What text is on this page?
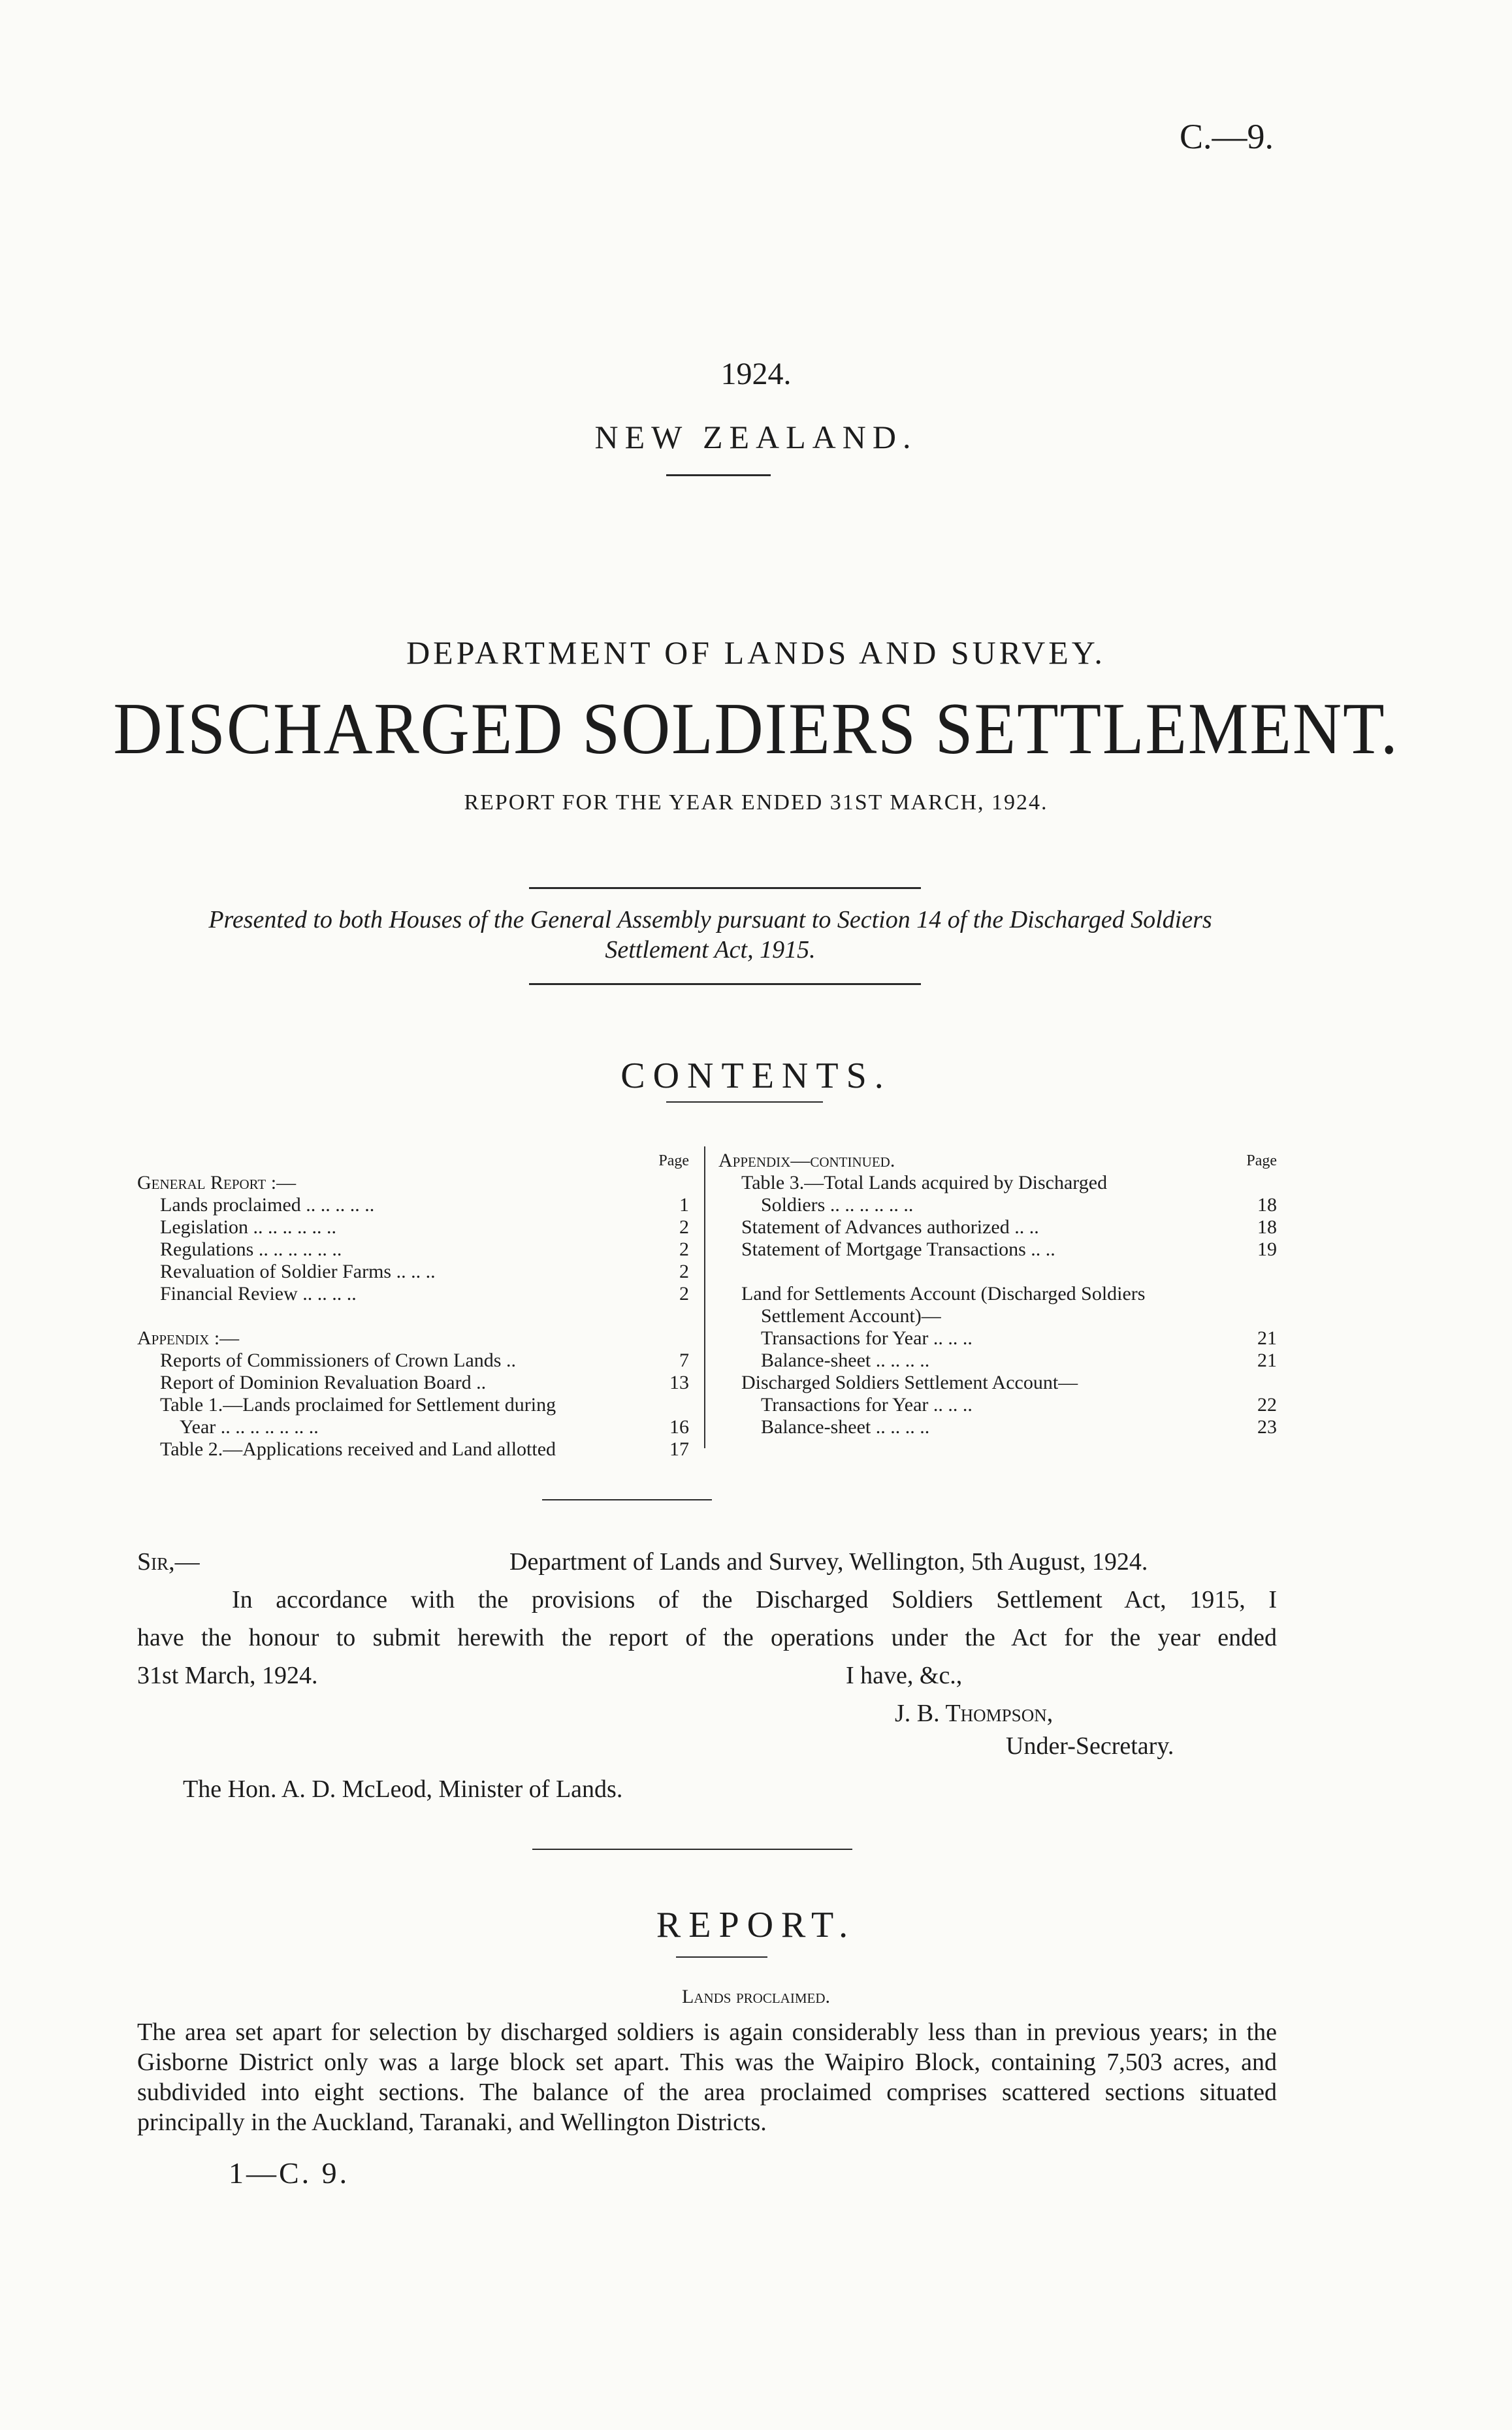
C.—9.
1924.
NEW ZEALAND.
DEPARTMENT OF LANDS AND SURVEY.
DISCHARGED SOLDIERS SETTLEMENT.
REPORT FOR THE YEAR ENDED 31ST MARCH, 1924.
Presented to both Houses of the General Assembly pursuant to Section 14 of the Discharged Soldiers
Settlement Act, 1915.
CONTENTS.
Page
General Report :—
Lands proclaimed .. .. .. .. ..	1
Legislation .. .. .. .. .. ..	2
Regulations .. .. .. .. .. ..	2
Revaluation of Soldier Farms .. .. ..	2
Financial Review .. .. .. ..	2
Appendix :—
Reports of Commissioners of Crown Lands ..	7
Report of Dominion Revaluation Board ..	13
Table 1.—Lands proclaimed for Settlement during
Year .. .. .. .. .. .. ..	16
Table 2.—Applications received and Land allotted	17
Appendix—continued.	Page
Table 3.—Total Lands acquired by Discharged
Soldiers .. .. .. .. .. ..	18
Statement of Advances authorized .. ..	18
Statement of Mortgage Transactions .. ..	19
Land for Settlements Account (Discharged Soldiers
Settlement Account)—
Transactions for Year .. .. ..	21
Balance-sheet .. .. .. ..	21
Discharged Soldiers Settlement Account—
Transactions for Year .. .. ..	22
Balance-sheet .. .. .. ..	23
Sir,—	Department of Lands and Survey, Wellington, 5th August, 1924.
In accordance with the provisions of the Discharged Soldiers Settlement Act, 1915, I
have the honour to submit herewith the report of the operations under the Act for the year ended
31st March, 1924.	I have, &c.,
J. B. Thompson,
Under-Secretary.
The Hon. A. D. McLeod, Minister of Lands.
REPORT.
Lands proclaimed.
The area set apart for selection by discharged soldiers is again considerably less than in previous years; in the Gisborne District only was a large block set apart. This was the Waipiro Block, containing 7,503 acres, and subdivided into eight sections. The balance of the area proclaimed comprises scattered sections situated principally in the Auckland, Taranaki, and Wellington Districts.
1—C. 9.
